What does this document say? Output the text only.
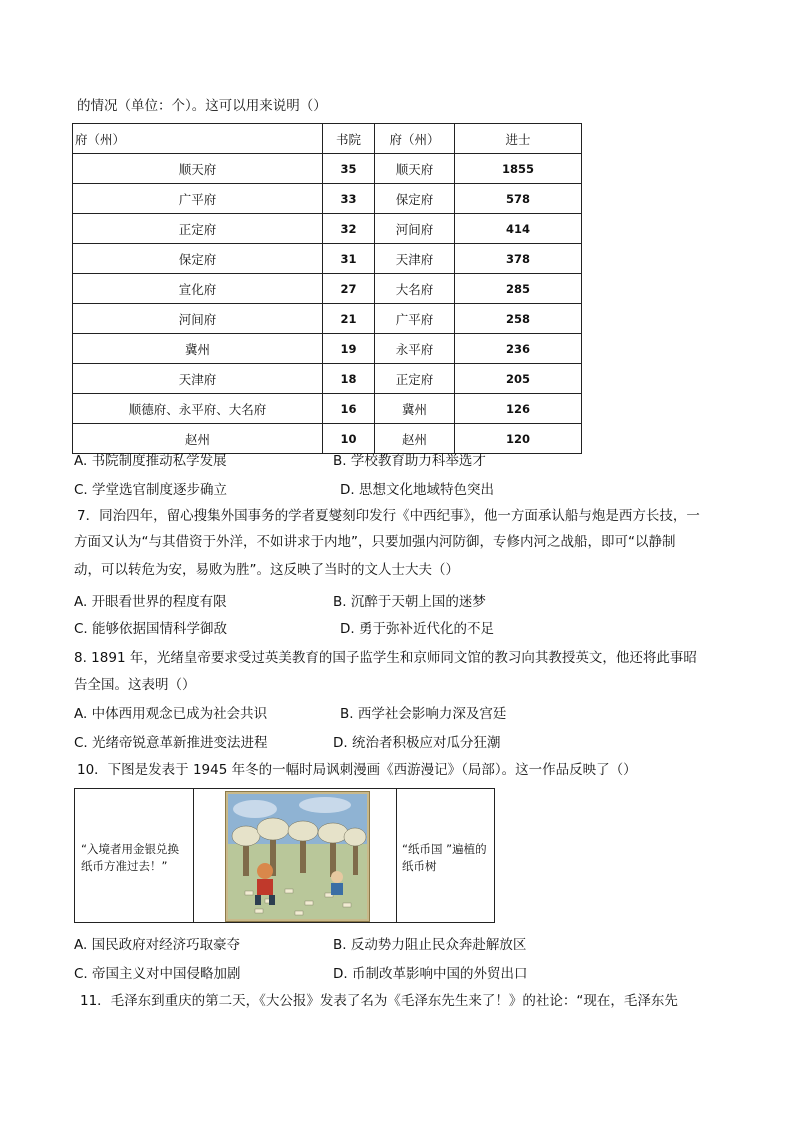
的情况（单位：个）。这可以用来说明（）
府（州）	书院	府（州）	进士
顺天府	35	顺天府	1855
广平府	33	保定府	578
正定府	32	河间府	414
保定府	31	天津府	378
宣化府	27	大名府	285
河间府	21	广平府	258
冀州	19	永平府	236
天津府	18	正定府	205
顺德府、永平府、大名府	16	冀州	126
赵州	10	赵州	120
A. 书院制度推动私学发展	B. 学校教育助力科举选才
C. 学堂选官制度逐步确立	D. 思想文化地域特色突出
7．同治四年，留心搜集外国事务的学者夏燮刻印发行《中西纪事》，他一方面承认船与炮是西方长技，一
方面又认为“与其借资于外洋，不如讲求于内地”，只要加强内河防御，专修内河之战船，即可“以静制
动，可以转危为安，易败为胜”。这反映了当时的文人士大夫（）
A. 开眼看世界的程度有限	B. 沉醉于天朝上国的迷梦
C. 能够依据国情科学御敌	D. 勇于弥补近代化的不足
8. 1891 年，光绪皇帝要求受过英美教育的国子监学生和京师同文馆的教习向其教授英文，他还将此事昭
告全国。这表明（）
A. 中体西用观念已成为社会共识	B. 西学社会影响力深及宫廷
C. 光绪帝锐意革新推进变法进程	D. 统治者积极应对瓜分狂潮
10．下图是发表于 1945 年冬的一幅时局讽刺漫画《西游漫记》（局部）。这一作品反映了（）
“入境者用金银兑换
纸币方准过去！”
“纸币国 ”遍植的
纸币树
A. 国民政府对经济巧取豪夺	B. 反动势力阻止民众奔赴解放区
C. 帝国主义对中国侵略加剧	D. 币制改革影响中国的外贸出口
11．毛泽东到重庆的第二天，《大公报》发表了名为《毛泽东先生来了！》的社论：“现在，毛泽东先
